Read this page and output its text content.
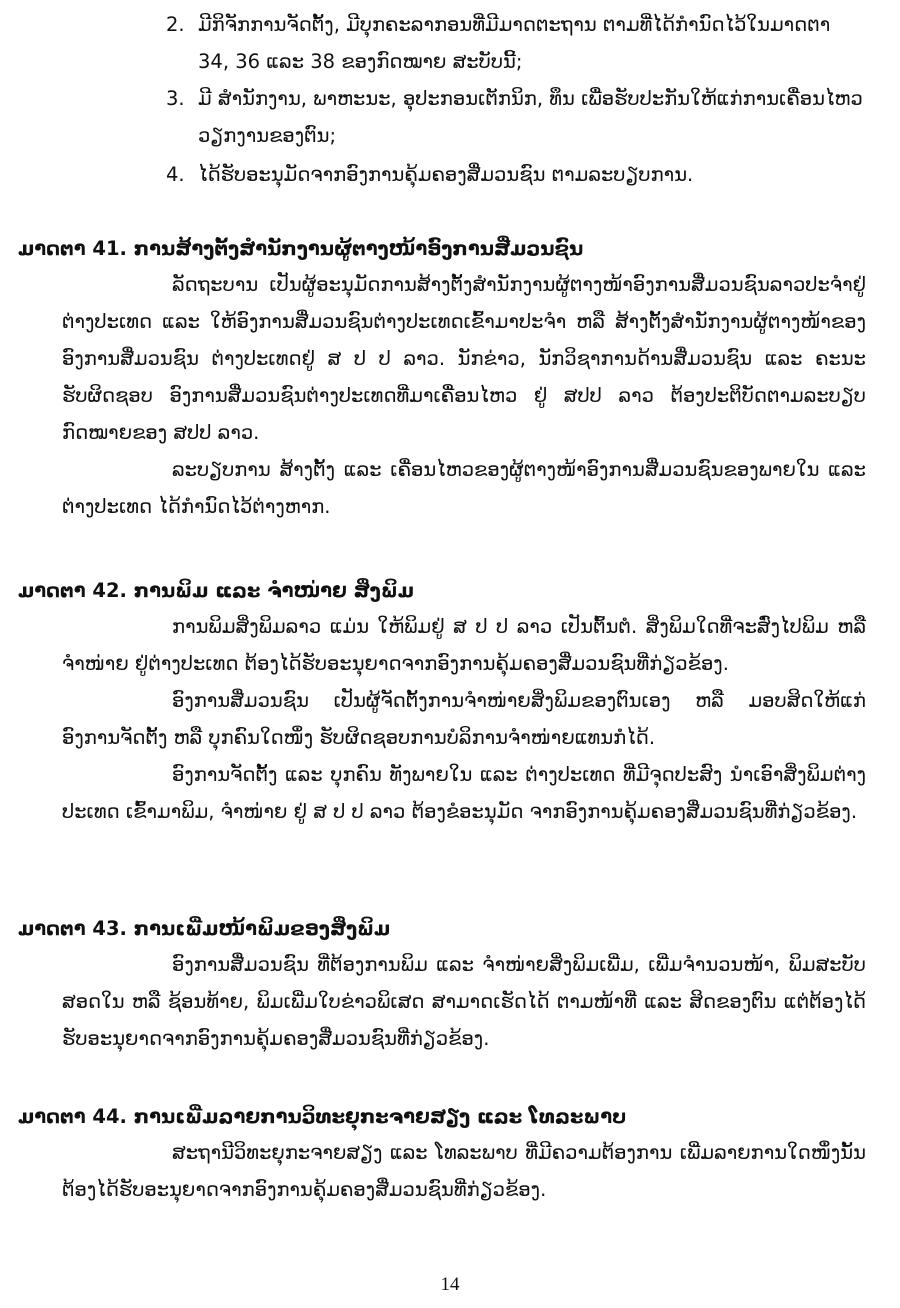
2. ມີກິຈັກການຈັດຕັ້ງ, ມີບຸກຄະລາກອນທີ່ມີມາດຕະຖານ ຕາມທີ່ໄດ້ກຳນົດໄວ້ໃນມາດຕາ 34, 36 ແລະ 38 ຂອງກົດໝາຍ ສະບັບນີ້;
3. ມີ ສຳນັກງານ, ພາຫະນະ, ອຸປະກອນເຕັກນິກ, ທຶນ ເພື່ອຮັບປະກັນໃຫ້ແກ່ການເຄື່ອນໄຫວວຽກງານຂອງຕົນ;
4. ໄດ້ຮັບອະນຸມັດຈາກອົງການຄຸ້ມຄອງສື່ມວນຊົນ ຕາມລະບຽບການ.
ມາດຕາ 41. ການສ້າງຕັ້ງສຳນັກງານຜູ້ຕາງໜ້າອົງການສື່ມວນຊົນ

ລັດຖະບານ ເປັນຜູ້ອະນຸມັດການສ້າງຕັ້ງສຳນັກງານຜູ້ຕາງໜ້າອົງການສື່ມວນຊົນລາວປະຈຳຢູ່ຕ່າງປະເທດ ແລະ ໃຫ້ອົງການສື່ມວນຊົນຕ່າງປະເທດເຂົ້າມາປະຈຳ ຫລື ສ້າງຕັ້ງສຳນັກງານຜູ້ຕາງໜ້າຂອງອົງການສື່ມວນຊົນ ຕ່າງປະເທດຢູ່ ສ ປ ປ ລາວ. ນັກຂ່າວ, ນັກວິຊາການດ້ານສື່ມວນຊົນ ແລະ ຄະນະຮັບຜິດຊອບ ອົງການສື່ມວນຊົນຕ່າງປະເທດທີ່ມາເຄື່ອນໄຫວ ຢູ່ ສປປ ລາວ ຕ້ອງປະຕິບັດຕາມລະບຽບກົດໝາຍຂອງ ສປປ ລາວ.

ລະບຽບການ ສ້າງຕັ້ງ ແລະ ເຄື່ອນໄຫວຂອງຜູ້ຕາງໜ້າອົງການສື່ມວນຊົນຂອງພາຍໃນ ແລະ ຕ່າງປະເທດ ໄດ້ກຳນົດໄວ້ຕ່າງຫາກ.

ມາດຕາ 42. ການພິມ ແລະ ຈຳໜ່າຍ ສິ່ງພິມ

ການພິມສິ່ງພິມລາວ ແມ່ນ ໃຫ້ພິມຢູ່ ສ ປ ປ ລາວ ເປັນຕົ້ນຕໍ. ສິ່ງພິມໃດທີ່ຈະສົ່ງໄປພິມ ຫລື ຈຳໜ່າຍ ຢູ່ຕ່າງປະເທດ ຕ້ອງໄດ້ຮັບອະນຸຍາດຈາກອົງການຄຸ້ມຄອງສື່ມວນຊົນທີ່ກ່ຽວຂ້ອງ.

ອົງການສື່ມວນຊົນ ເປັນຜູ້ຈັດຕັ້ງການຈຳໜ່າຍສິ່ງພິມຂອງຕົນເອງ ຫລື ມອບສິດໃຫ້ແກ່ອົງການຈັດຕັ້ງ ຫລື ບຸກຄົນໃດໜຶ່ງ ຮັບຜິດຊອບການບໍລິການຈຳໜ່າຍແທນກໍໄດ້.

ອົງການຈັດຕັ້ງ ແລະ ບຸກຄົນ ທັງພາຍໃນ ແລະ ຕ່າງປະເທດ ທີ່ມີຈຸດປະສົງ ນຳເອົາສິ່ງພິມຕ່າງປະເທດ ເຂົ້າມາພິມ, ຈຳໜ່າຍ ຢູ່ ສ ປ ປ ລາວ ຕ້ອງຂໍອະນຸມັດ ຈາກອົງການຄຸ້ມຄອງສື່ມວນຊົນທີ່ກ່ຽວຂ້ອງ.

ມາດຕາ 43. ການເພີ່ມໜ້າພິມຂອງສິ່ງພິມ

ອົງການສື່ມວນຊົນ ທີ່ຕ້ອງການພິມ ແລະ ຈຳໜ່າຍສິ່ງພິມເພີ່ມ, ເພີ່ມຈຳນວນໜ້າ, ພິມສະບັບສອດໃນ ຫລື ຊ້ອນທ້າຍ, ພິມເພີ່ມໃບຂ່າວພິເສດ ສາມາດເຮັດໄດ້ ຕາມໜ້າທີ່ ແລະ ສິດຂອງຕົນ ແຕ່ຕ້ອງໄດ້ຮັບອະນຸຍາດຈາກອົງການຄຸ້ມຄອງສື່ມວນຊົນທີ່ກ່ຽວຂ້ອງ.

ມາດຕາ 44. ການເພີ່ມລາຍການວິທະຍຸກະຈາຍສຽງ ແລະ ໂທລະພາບ

ສະຖານີວິທະຍຸກະຈາຍສຽງ ແລະ ໂທລະພາບ ທີ່ມີຄວາມຕ້ອງການ ເພີ່ມລາຍການໃດໜຶ່ງນັ້ນ ຕ້ອງໄດ້ຮັບອະນຸຍາດຈາກອົງການຄຸ້ມຄອງສື່ມວນຊົນທີ່ກ່ຽວຂ້ອງ.

14
